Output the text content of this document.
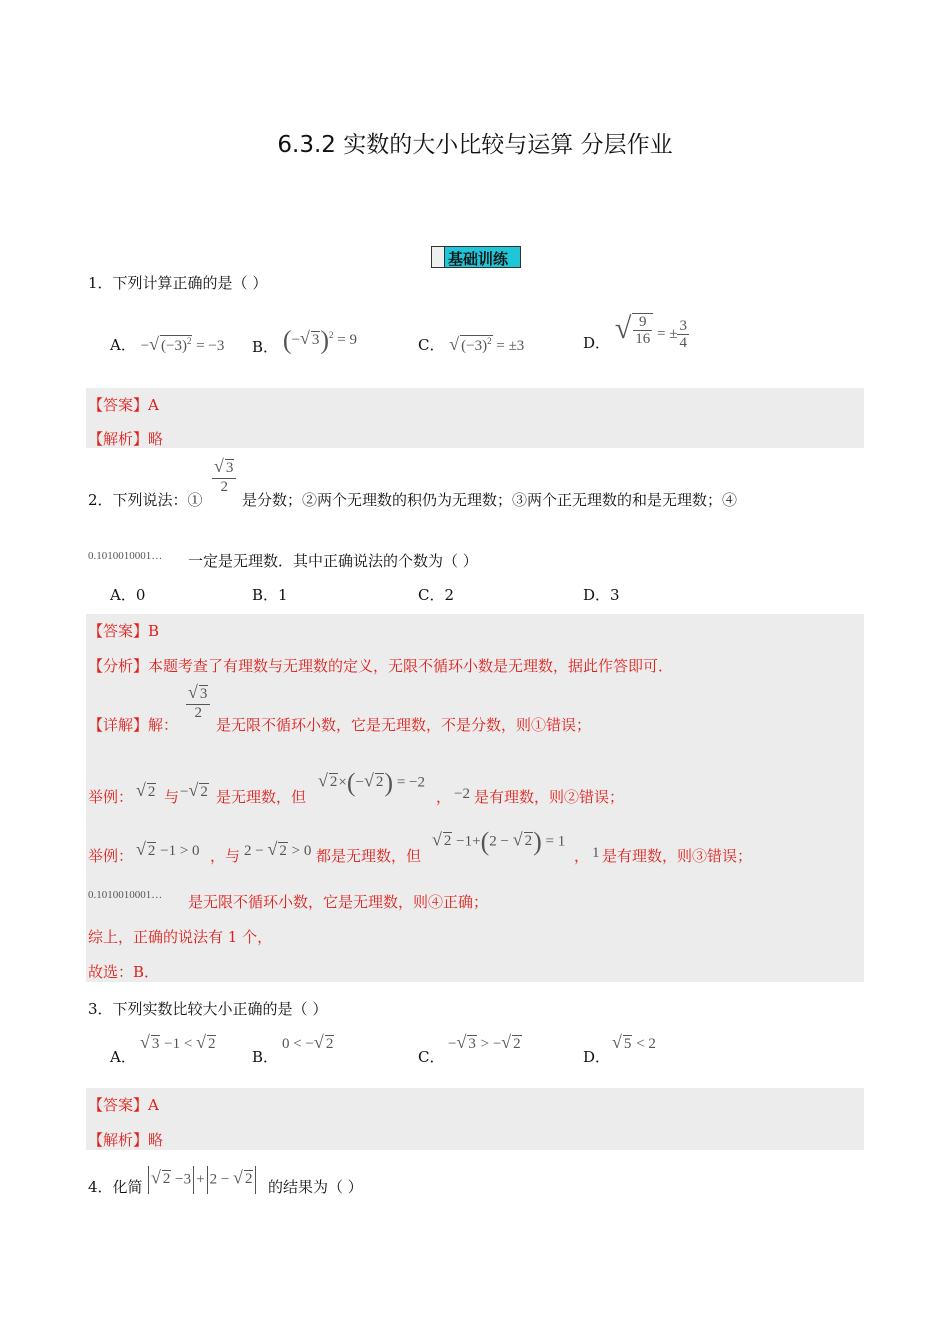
6.3.2 实数的大小比较与运算 分层作业
基础训练
1．下列计算正确的是（ ）
A． −√ $(-3)^2 = -3$ B． (−√ 3)$^2$ = 9	C． √ $(-3)^2 = \pm 3$	D． √ $\frac{9}{16}$ = ± $\frac{3}{4}$
【答案】A
【解析】略
2．下列说法：①
$\frac{√ 3}{2}$
是分数；②两个无理数的积仍为无理数；③两个正无理数的和是无理数；④
0.1010010001… 一定是无理数．其中正确说法的个数为（ ）
A．0	B．1	C．2	D．3
【答案】B
【分析】本题考查了有理数与无理数的定义，无限不循环小数是无理数，据此作答即可．
【详解】解：
$\frac{√ 3}{2}$
是无限不循环小数，它是无理数，不是分数，则①错误；
举例： √ 2 与 −√ 2 是无理数，但
√ 2×(−√ 2) = −2
， −2 是有理数，则②错误；
举例： √ 2 −1 > 0 ，与 2 − √ 2 > 0 都是无理数，但
√ 2 −1+(2 − √ 2) = 1
， 1 是有理数，则③错误；
0.1010010001… 是无限不循环小数，它是无理数，则④正确；
综上，正确的说法有 1 个，
故选：B．
3．下列实数比较大小正确的是（ ）
A．
√ 3 −1 < √ 2
B．
0 < −√ 2
C．
−√ 3 > −√ 2
D．
√ 5 < 2
【答案】A
【解析】略
4．化简 √ 2 −3 + 2 − √ 2	的结果为（ ）
